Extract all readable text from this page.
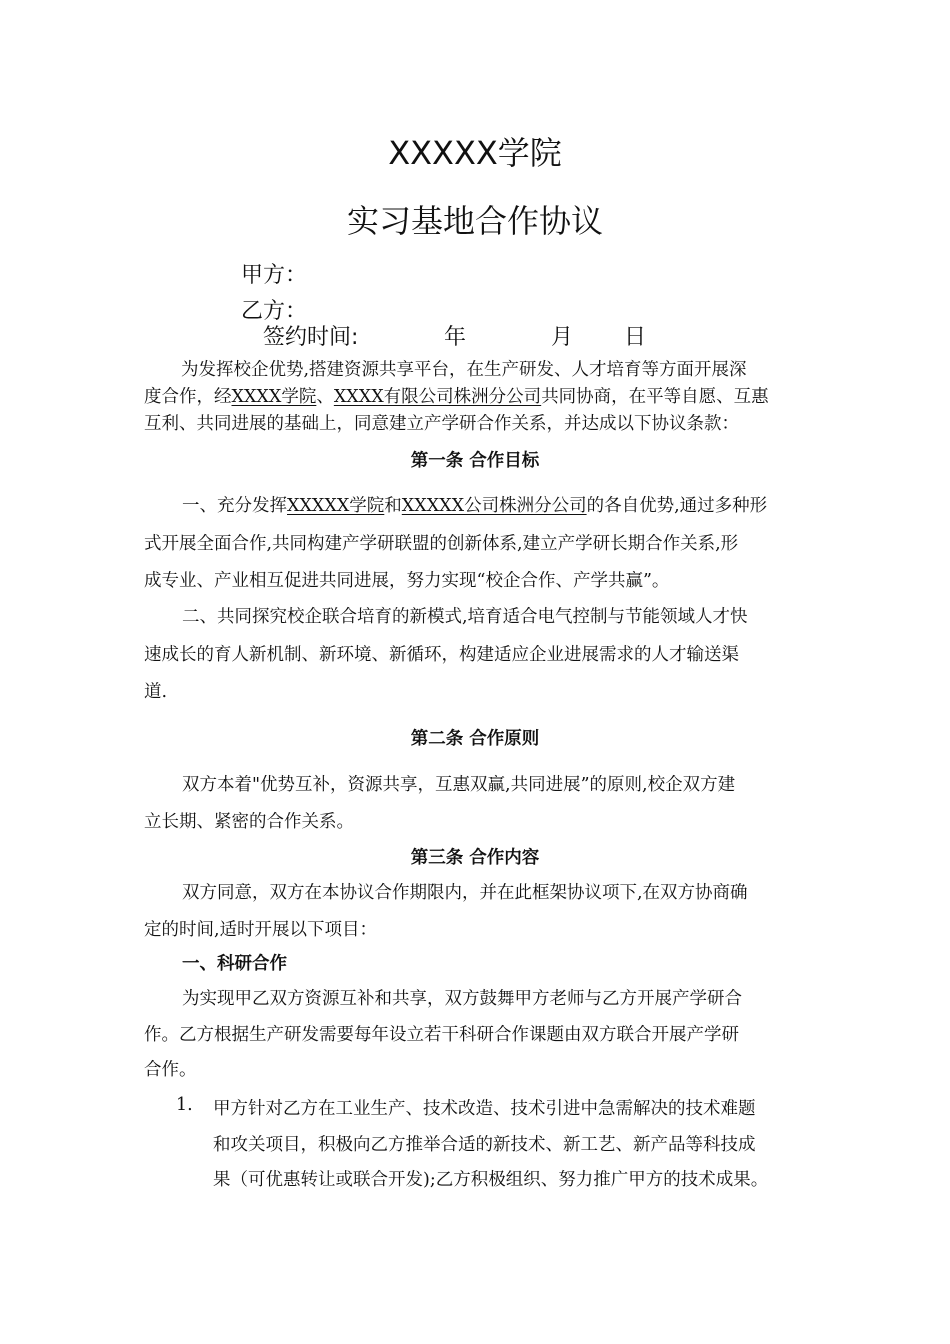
XXXXX学院
实习基地合作协议
甲方：
乙方：
签约时间:	年	月 日
为发挥校企优势,搭建资源共享平台，在生产研发、人才培育等方面开展深
度合作，经XXXX学院、XXXX有限公司株洲分公司共同协商，在平等自愿、互惠
互利、共同进展的基础上，同意建立产学研合作关系，并达成以下协议条款：
第一条 合作目标
一、充分发挥XXXXX学院和XXXXX公司株洲分公司的各自优势,通过多种形
式开展全面合作,共同构建产学研联盟的创新体系,建立产学研长期合作关系,形
成专业、产业相互促进共同进展，努力实现“校企合作、产学共赢”。
二、共同探究校企联合培育的新模式,培育适合电气控制与节能领域人才快
速成长的育人新机制、新环境、新循环，构建适应企业进展需求的人才输送渠
道.
第二条 合作原则
双方本着"优势互补，资源共享，互惠双赢,共同进展”的原则,校企双方建
立长期、紧密的合作关系。
第三条 合作内容
双方同意，双方在本协议合作期限内，并在此框架协议项下,在双方协商确
定的时间,适时开展以下项目：
一、科研合作
为实现甲乙双方资源互补和共享，双方鼓舞甲方老师与乙方开展产学研合
作。乙方根据生产研发需要每年设立若干科研合作课题由双方联合开展产学研
合作。
1. 甲方针对乙方在工业生产、技术改造、技术引进中急需解决的技术难题
和攻关项目，积极向乙方推举合适的新技术、新工艺、新产品等科技成
果（可优惠转让或联合开发);乙方积极组织、努力推广甲方的技术成果。
